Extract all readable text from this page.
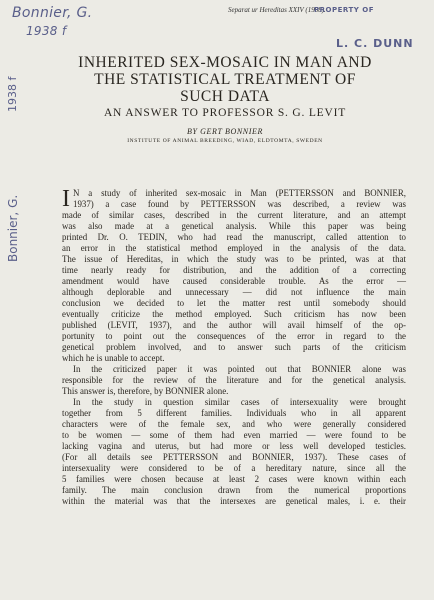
Bonnier, G.
1938 f
1938 f
Bonnier, G.
Separat ur Hereditas XXIV (1938).
PROPERTY OF
L. C. DUNN
INHERITED SEX-MOSAIC IN MAN AND
THE STATISTICAL TREATMENT OF
SUCH DATA
AN ANSWER TO PROFESSOR S. G. LEVIT
BY GERT BONNIER
INSTITUTE OF ANIMAL BREEDING, WIAD, ELDTOMTA, SWEDEN
I N a study of inherited sex-mosaic in Man (PETTERSSON and BONNIER,
1937) a case found by PETTERSSON was described, a review was
made of similar cases, described in the current literature, and an attempt
was also made at a genetical analysis. While this paper was being
printed Dr. O. TEDIN, who had read the manuscript, called attention to
an error in the statistical method employed in the analysis of the data.
The issue of Hereditas, in which the study was to be printed, was at that
time nearly ready for distribution, and the addition of a correcting
amendment would have caused considerable trouble. As the error —
although deplorable and unnecessary — did not influence the main
conclusion we decided to let the matter rest until somebody should
eventually criticize the method employed. Such criticism has now been
published (LEVIT, 1937), and the author will avail himself of the op-
portunity to point out the consequences of the error in regard to the
genetical problem involved, and to answer such parts of the criticism
which he is unable to accept.
In the criticized paper it was pointed out that BONNIER alone was
responsible for the review of the literature and for the genetical analysis.
This answer is, therefore, by BONNIER alone.
In the study in question similar cases of intersexuality were brought
together from 5 different families. Individuals who in all apparent
characters were of the female sex, and who were generally considered
to be women — some of them had even married — were found to be
lacking vagina and uterus, but had more or less well developed testicles.
(For all details see PETTERSSON and BONNIER, 1937). These cases of
intersexuality were considered to be of a hereditary nature, since all the
5 families were chosen because at least 2 cases were known within each
family. The main conclusion drawn from the numerical proportions
within the material was that the intersexes are genetical males, i. e. their
